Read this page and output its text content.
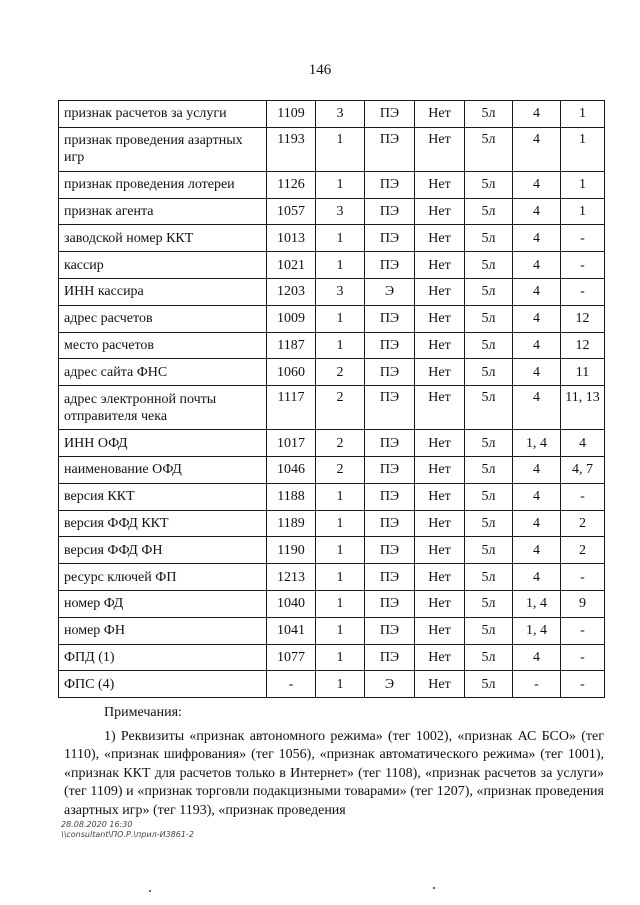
146
признак расчетов за услуги	1109	3	ПЭ	Нет	5л	4	1
признак проведения азартных игр	1193	1	ПЭ	Нет	5л	4	1
признак проведения лотереи	1126	1	ПЭ	Нет	5л	4	1
признак агента	1057	3	ПЭ	Нет	5л	4	1
заводской номер ККТ	1013	1	ПЭ	Нет	5л	4	-
кассир	1021	1	ПЭ	Нет	5л	4	-
ИНН кассира	1203	3	Э	Нет	5л	4	-
адрес расчетов	1009	1	ПЭ	Нет	5л	4	12
место расчетов	1187	1	ПЭ	Нет	5л	4	12
адрес сайта ФНС	1060	2	ПЭ	Нет	5л	4	11
адрес электронной почты отправителя чека	1117	2	ПЭ	Нет	5л	4	11, 13
ИНН ОФД	1017	2	ПЭ	Нет	5л	1, 4	4
наименование ОФД	1046	2	ПЭ	Нет	5л	4	4, 7
версия ККТ	1188	1	ПЭ	Нет	5л	4	-
версия ФФД ККТ	1189	1	ПЭ	Нет	5л	4	2
версия ФФД ФН	1190	1	ПЭ	Нет	5л	4	2
ресурс ключей ФП	1213	1	ПЭ	Нет	5л	4	-
номер ФД	1040	1	ПЭ	Нет	5л	1, 4	9
номер ФН	1041	1	ПЭ	Нет	5л	1, 4	-
ФПД (1)	1077	1	ПЭ	Нет	5л	4	-
ФПС (4)	-	1	Э	Нет	5л	-	-
Примечания:

1) Реквизиты «признак автономного режима» (тег 1002), «признак АС БСО» (тег 1110), «признак шифрования» (тег 1056), «признак автоматического режима» (тег 1001), «признак ККТ для расчетов только в Интернет» (тег 1108), «признак расчетов за услуги» (тег 1109) и «признак торговли подакцизными товарами» (тег 1207), «признак проведения азартных игр» (тег 1193), «признак проведения

28.08.2020 16:30
\\consultant\ПО.Р.\прил-И3861-2
